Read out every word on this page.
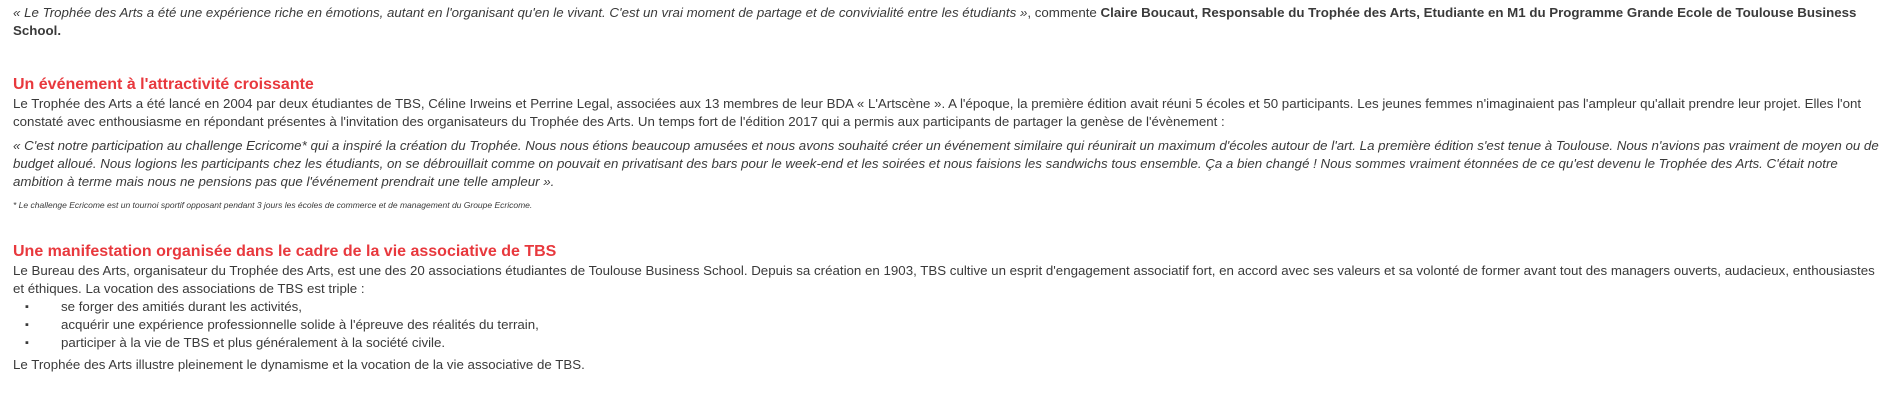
« Le Trophée des Arts a été une expérience riche en émotions, autant en l'organisant qu'en le vivant. C'est un vrai moment de partage et de convivialité entre les étudiants », commente Claire Boucaut, Responsable du Trophée des Arts, Etudiante en M1 du Programme Grande Ecole de Toulouse Business School.

Un événement à l'attractivité croissante

Le Trophée des Arts a été lancé en 2004 par deux étudiantes de TBS, Céline Irweins et Perrine Legal, associées aux 13 membres de leur BDA « L'Artscène ». A l'époque, la première édition avait réuni 5 écoles et 50 participants. Les jeunes femmes n'imaginaient pas l'ampleur qu'allait prendre leur projet. Elles l'ont constaté avec enthousiasme en répondant présentes à l'invitation des organisateurs du Trophée des Arts. Un temps fort de l'édition 2017 qui a permis aux participants de partager la genèse de l'évènement :

« C'est notre participation au challenge Ecricome* qui a inspiré la création du Trophée. Nous nous étions beaucoup amusées et nous avons souhaité créer un événement similaire qui réunirait un maximum d'écoles autour de l'art. La première édition s'est tenue à Toulouse. Nous n'avions pas vraiment de moyen ou de budget alloué. Nous logions les participants chez les étudiants, on se débrouillait comme on pouvait en privatisant des bars pour le week-end et les soirées et nous faisions les sandwichs tous ensemble. Ça a bien changé ! Nous sommes vraiment étonnées de ce qu'est devenu le Trophée des Arts. C'était notre ambition à terme mais nous ne pensions pas que l'événement prendrait une telle ampleur ».

* Le challenge Ecricome est un tournoi sportif opposant pendant 3 jours les écoles de commerce et de management du Groupe Ecricome.

Une manifestation organisée dans le cadre de la vie associative de TBS

Le Bureau des Arts, organisateur du Trophée des Arts, est une des 20 associations étudiantes de Toulouse Business School. Depuis sa création en 1903, TBS cultive un esprit d'engagement associatif fort, en accord avec ses valeurs et sa volonté de former avant tout des managers ouverts, audacieux, enthousiastes et éthiques. La vocation des associations de TBS est triple :

▪ se forger des amitiés durant les activités,
▪ acquérir une expérience professionnelle solide à l'épreuve des réalités du terrain,
▪ participer à la vie de TBS et plus généralement à la société civile.

Le Trophée des Arts illustre pleinement le dynamisme et la vocation de la vie associative de TBS.
